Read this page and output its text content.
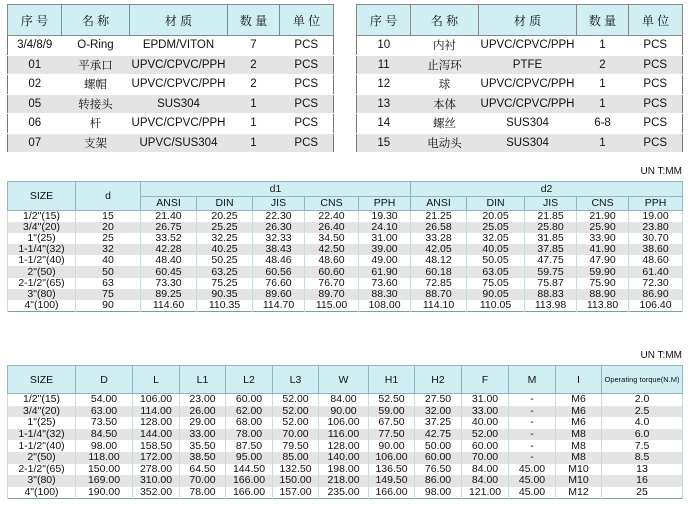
序 号	名 称	材 质	数 量	单 位
3/4/8/9	O-Ring	EPDM/VITON	7	PCS
01	平承口	UPVC/CPVC/PPH	2	PCS
02	螺帽	UPVC/CPVC/PPH	2	PCS
05	转接头	SUS304	1	PCS
06	杆	UPVC/CPVC/PPH	1	PCS
07	支架	UPVC/SUS304	1	PCS
序 号	名 称	材 质	数 量	单 位
10	内衬	UPVC/CPVC/PPH	1	PCS
11	止泻环	PTFE	2	PCS
12	球	UPVC/CPVC/PPH	1	PCS
13	本体	UPVC/CPVC/PPH	1	PCS
14	螺丝	SUS304	6-8	PCS
15	电动头	SUS304	1	PCS
UN T:MM
SIZE	d	d1					d2				
		ANSI	DIN	JIS	CNS	PPH	ANSI	DIN	JIS	CNS	PPH
1/2"(15)	15	21.40	20.25	22.30	22.40	19.30	21.25	20.05	21.85	21.90	19.00
3/4"(20)	20	26.75	25.25	26.30	26.40	24.10	26.58	25.05	25.80	25.90	23.80
1"(25)	25	33.52	32.25	32.33	34.50	31.00	33.28	32.05	31.85	33.90	30.70
1-1/4"(32)	32	42.28	40.25	38.43	42.50	39.00	42.05	40.05	37.85	41.90	38.60
1-1/2"(40)	40	48.40	50.25	48.46	48.60	49.00	48.12	50.05	47.75	47.90	48.60
2"(50)	50	60.45	63.25	60.56	60.60	61.90	60.18	63.05	59.75	59.90	61.40
2-1/2"(65)	63	73.30	75.25	76.60	76.70	73.60	72.85	75.05	75.87	75.90	72.30
3"(80)	75	89.25	90.35	89.60	89.70	88.30	88.70	90.05	88.83	88.90	86.90
4"(100)	90	114.60	110.35	114.70	115.00	108.00	114.10	110.05	113.98	113.80	106.40
UN T:MM
SIZE	D	L	L1	L2	L3	W	H1	H2	F	M	I	Operating torque(N.M)
1/2"(15)	54.00	106.00	23.00	60.00	52.00	84.00	52.50	27.50	31.00	-	M6	2.0
3/4"(20)	63.00	114.00	26.00	62.00	52.00	90.00	59.00	32.00	33.00	-	M6	2.5
1"(25)	73.50	128.00	29.00	68.00	52.00	106.00	67.50	37.25	40.00	-	M6	4.0
1-1/4"(32)	84.50	144.00	33.00	78.00	70.00	116.00	77.50	42.75	52.00	-	M8	6.0
1-1/2"(40)	98.00	158.50	35.50	87.50	79.50	128.00	90.00	50.00	60.00	-	M8	7.5
2"(50)	118.00	172.00	38.50	95.00	85.00	140.00	106.00	60.00	70.00	-	M8	8.5
2-1/2"(65)	150.00	278.00	64.50	144.50	132.50	198.00	136.50	76.50	84.00	45.00	M10	13
3"(80)	169.00	310.00	70.00	166.00	150.00	218.00	149.50	86.00	84.00	45.00	M10	16
4"(100)	190.00	352.00	78.00	166.00	157.00	235.00	166.00	98.00	121.00	45.00	M12	25
